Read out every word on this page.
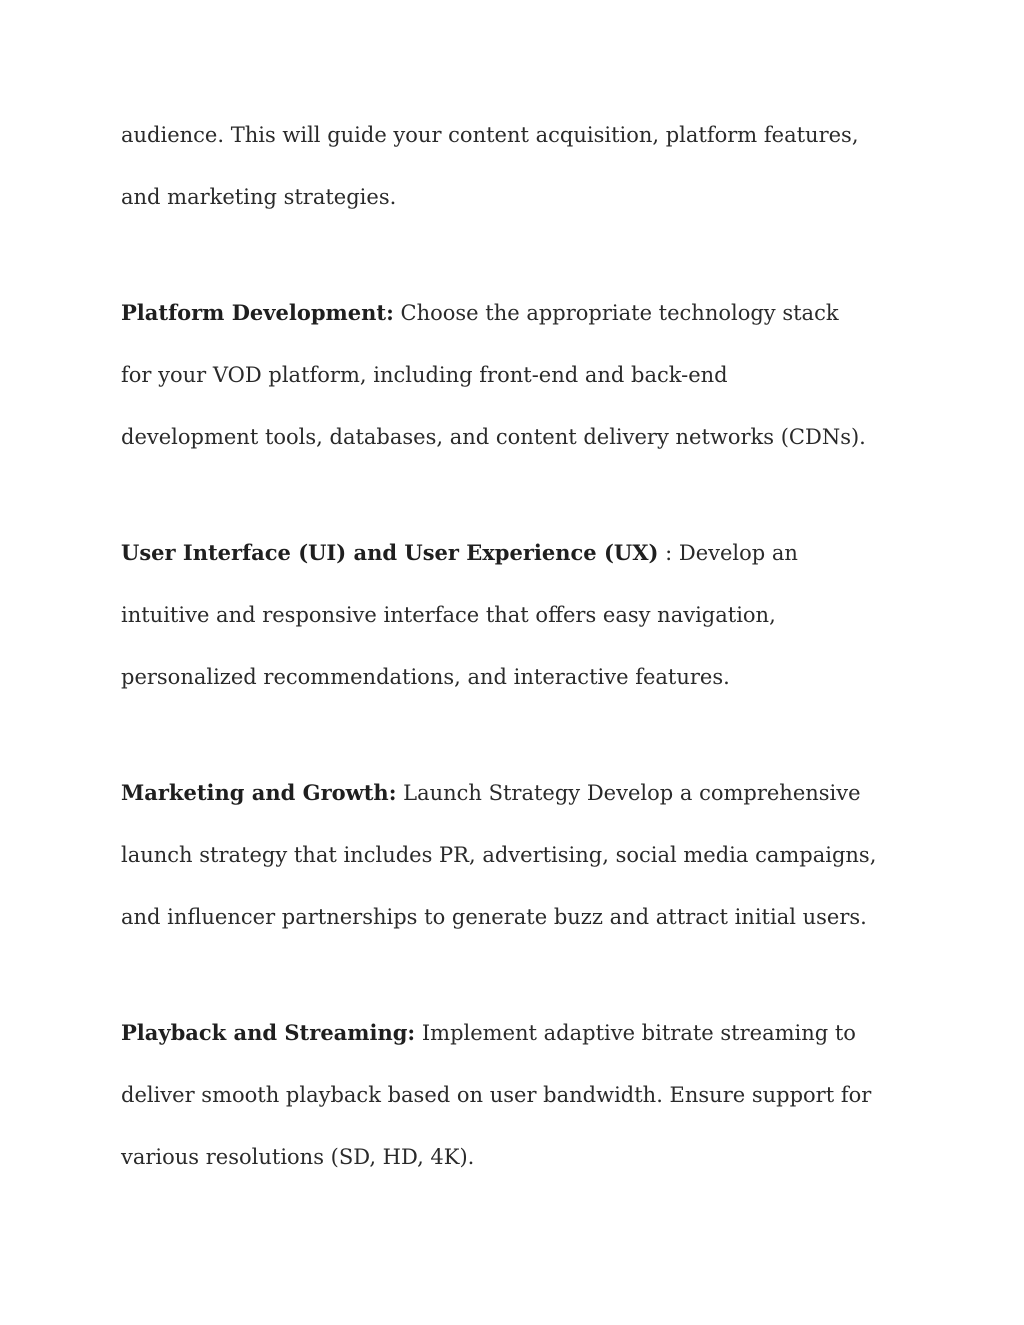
audience. This will guide your content acquisition, platform features,
and marketing strategies.
Platform Development: Choose the appropriate technology stack
for your VOD platform, including front-end and back-end
development tools, databases, and content delivery networks (CDNs).
User Interface (UI) and User Experience (UX) : Develop an
intuitive and responsive interface that offers easy navigation,
personalized recommendations, and interactive features.
Marketing and Growth: Launch Strategy Develop a comprehensive
launch strategy that includes PR, advertising, social media campaigns,
and influencer partnerships to generate buzz and attract initial users.
Playback and Streaming: Implement adaptive bitrate streaming to
deliver smooth playback based on user bandwidth. Ensure support for
various resolutions (SD, HD, 4K).
